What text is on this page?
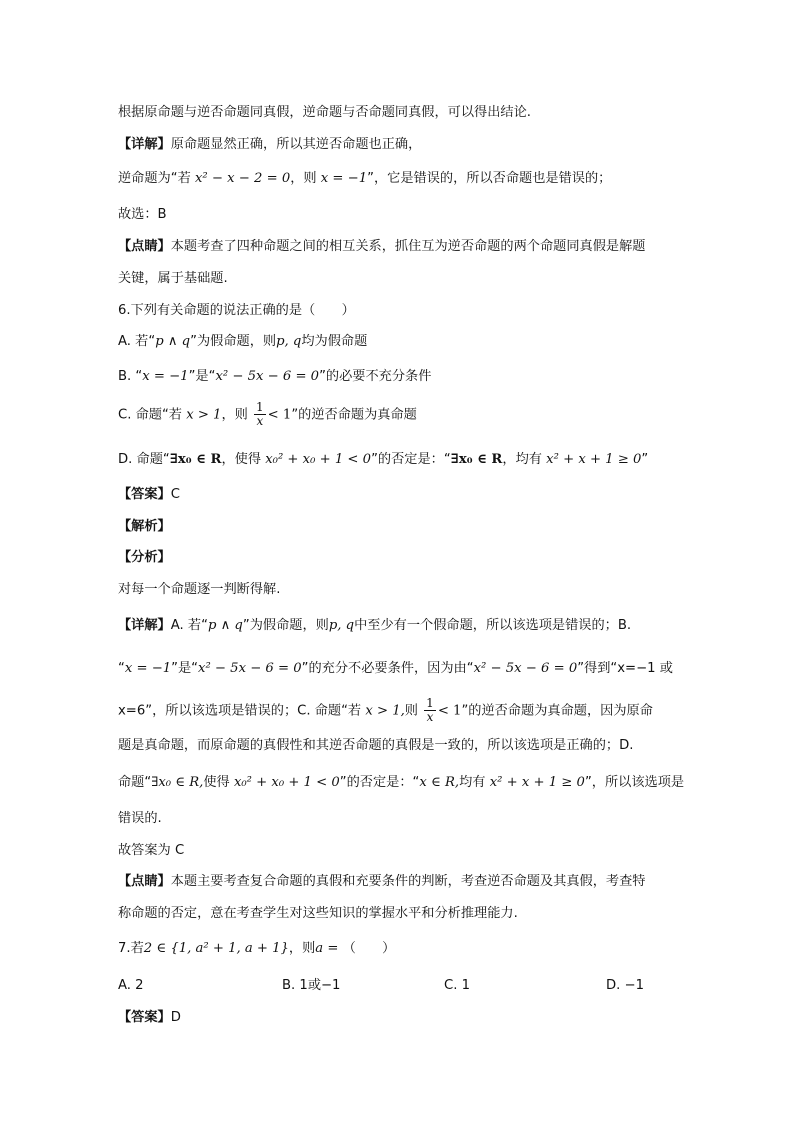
根据原命题与逆否命题同真假，逆命题与否命题同真假，可以得出结论.
【详解】原命题显然正确，所以其逆否命题也正确，
逆命题为“若 x² − x − 2 = 0，则 x = −1”，它是错误的，所以否命题也是错误的；
故选：B
【点睛】本题考查了四种命题之间的相互关系，抓住互为逆否命题的两个命题同真假是解题
关键，属于基础题.
6.下列有关命题的说法正确的是（　　）
A. 若“p ∧ q”为假命题，则p, q均为假命题
B. “x = −1”是“x² − 5x − 6 = 0”的必要不充分条件
C. 命题“若 x > 1，则 $\frac{1}{x} < 1$”的逆否命题为真命题
D. 命题“∃x₀ ∈ R，使得 x₀² + x₀ + 1 < 0”的否定是：“∃x₀ ∈ R，均有 x² + x + 1 ≥ 0”
【答案】C
【解析】
【分析】
对每一个命题逐一判断得解.
【详解】A. 若“p ∧ q”为假命题，则p, q中至少有一个假命题，所以该选项是错误的；B.
“x = −1”是“x² − 5x − 6 = 0”的充分不必要条件，因为由“x² − 5x − 6 = 0”得到“x=−1 或
x=6”，所以该选项是错误的；C. 命题“若 x > 1,则 $\frac{1}{x} < 1$”的逆否命题为真命题，因为原命
题是真命题，而原命题的真假性和其逆否命题的真假是一致的，所以该选项是正确的；D.
命题“∃x₀ ∈ R,使得 x₀² + x₀ + 1 < 0”的否定是：“x ∈ R,均有 x² + x + 1 ≥ 0”，所以该选项是
错误的.
故答案为 C
【点睛】本题主要考查复合命题的真假和充要条件的判断，考查逆否命题及其真假，考查特
称命题的否定，意在考查学生对这些知识的掌握水平和分析推理能力.
7.若2 ∈ {1, a² + 1, a + 1}，则a = （　　）
A. 2	B. 1或−1	C. 1	D. −1
【答案】D
